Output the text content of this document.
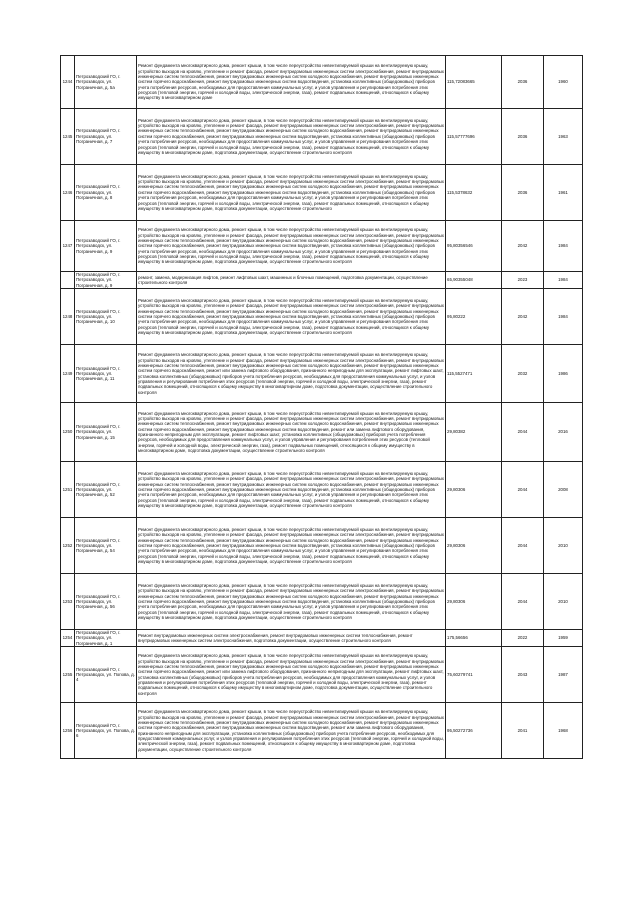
1244	Петрозаводский ГО, г. Петрозаводск, ул. Пограничная, д. 5а	Ремонт фундамента многоквартирного дома, ремонт крыши, в том числе переустройство невентилируемой крыши на вентилируемую крышу, устройство выходов на кровлю, утепление и ремонт фасада, ремонт внутридомовых инженерных систем электроснабжения, ремонт внутридомовых инженерных систем теплоснабжения, ремонт внутридомовых инженерных систем холодного водоснабжения, ремонт внутридомовых инженерных систем горячего водоснабжения, ремонт внутридомовых инженерных систем водоотведения, установка коллективных (общедомовых) приборов учета потребления ресурсов, необходимых для предоставления коммунальных услуг, и узлов управления и регулирования потребления этих ресурсов (тепловой энергии, горячей и холодной воды, электрической энергии, газа), ремонт подвальных помещений, относящихся к общему имуществу в многоквартирном доме	115,72083665	2036	1960

1245	Петрозаводский ГО, г. Петрозаводск, ул. Пограничная, д. 7	Ремонт фундамента многоквартирного дома, ремонт крыши, в том числе переустройство невентилируемой крыши на вентилируемую крышу, устройство выходов на кровлю, утепление и ремонт фасада, ремонт внутридомовых инженерных систем электроснабжения, ремонт внутридомовых инженерных систем теплоснабжения, ремонт внутридомовых инженерных систем холодного водоснабжения, ремонт внутридомовых инженерных систем горячего водоснабжения, ремонт внутридомовых инженерных систем водоотведения, установка коллективных (общедомовых) приборов учета потребления ресурсов, необходимых для предоставления коммунальных услуг, и узлов управления и регулирования потребления этих ресурсов (тепловой энергии, горячей и холодной воды, электрической энергии, газа), ремонт подвальных помещений, относящихся к общему имуществу в многоквартирном доме, подготовка документации, осуществление строительного контроля	115,57777696	2036	1963

1246	Петрозаводский ГО, г. Петрозаводск, ул. Пограничная, д. 8	Ремонт фундамента многоквартирного дома, ремонт крыши, в том числе переустройство невентилируемой крыши на вентилируемую крышу, устройство выходов на кровлю, утепление и ремонт фасада, ремонт внутридомовых инженерных систем электроснабжения, ремонт внутридомовых инженерных систем теплоснабжения, ремонт внутридомовых инженерных систем холодного водоснабжения, ремонт внутридомовых инженерных систем горячего водоснабжения, ремонт внутридомовых инженерных систем водоотведения, установка коллективных (общедомовых) приборов учета потребления ресурсов, необходимых для предоставления коммунальных услуг, и узлов управления и регулирования потребления этих ресурсов (тепловой энергии, горячей и холодной воды, электрической энергии, газа), ремонт подвальных помещений, относящихся к общему имуществу в многоквартирном доме, подготовка документации, осуществление строительного	115,5378632	2036	1961

1247	Петрозаводский ГО, г. Петрозаводск, ул. Пограничная, д. 9	Ремонт фундамента многоквартирного дома, ремонт крыши, в том числе переустройство невентилируемой крыши на вентилируемую крышу, устройство выходов на кровлю, утепление и ремонт фасада, ремонт внутридомовых инженерных систем электроснабжения, ремонт внутридомовых инженерных систем теплоснабжения, ремонт внутридомовых инженерных систем холодного водоснабжения, ремонт внутридомовых инженерных систем горячего водоснабжения, ремонт внутридомовых инженерных систем водоотведения, установка коллективных (общедомовых) приборов учета потребления ресурсов, необходимых для предоставления коммунальных услуг, и узлов управления и регулирования потребления этих ресурсов (тепловой энергии, горячей и холодной воды, электрической энергии, газа), ремонт подвальных помещений, относящихся к общему имуществу в многоквартирном доме, подготовка документации, осуществление строительного контроля	95,80356546	2042	1984

	Петрозаводский ГО, г. Петрозаводск, ул. Пограничная, д. 9	ремонт, замена, модернизация лифтов, ремонт лифтовых шахт, машинных и блочных помещений, подготовка документации, осуществление строительного контроля	65,90355048	2023	1984

1248	Петрозаводский ГО, г. Петрозаводск, ул. Пограничная, д. 10	Ремонт фундамента многоквартирного дома, ремонт крыши, в том числе переустройство невентилируемой крыши на вентилируемую крышу, устройство выходов на кровлю, утепление и ремонт фасада, ремонт внутридомовых инженерных систем электроснабжения, ремонт внутридомовых инженерных систем теплоснабжения, ремонт внутридомовых инженерных систем холодного водоснабжения, ремонт внутридомовых инженерных систем горячего водоснабжения, ремонт внутридомовых инженерных систем водоотведения, установка коллективных (общедомовых) приборов учета потребления ресурсов, необходимых для предоставления коммунальных услуг, и узлов управления и регулирования потребления этих ресурсов (тепловой энергии, горячей и холодной воды, электрической энергии, газа), ремонт подвальных помещений, относящихся к общему имуществу в многоквартирном доме, подготовка документации, осуществление строительного контроля	95,80222	2042	1984

1249	Петрозаводский ГО, г. Петрозаводск, ул. Пограничная, д. 11	Ремонт фундамента многоквартирного дома, ремонт крыши, в том числе переустройство невентилируемой крыши на вентилируемую крышу, устройство выходов на кровлю, утепление и ремонт фасада, ремонт внутридомовых инженерных систем электроснабжения, ремонт внутридомовых инженерных систем теплоснабжения, ремонт внутридомовых инженерных систем холодного водоснабжения, ремонт внутридомовых инженерных систем горячего водоснабжения, ремонт или замена лифтового оборудования, признанного непригодным для эксплуатации, ремонт лифтовых шахт, установка коллективных (общедомовых) приборов учета потребления ресурсов, необходимых для предоставления коммунальных услуг, и узлов управления и регулирования потребления этих ресурсов (тепловой энергии, горячей и холодной воды, электрической энергии, газа), ремонт подвальных помещений, относящихся к общему имуществу в многоквартирном доме, подготовка документации, осуществление строительного контроля	115,5527471	2032	1986

1250	Петрозаводский ГО, г. Петрозаводск, ул. Пограничная, д. 15	Ремонт фундамента многоквартирного дома, ремонт крыши, в том числе переустройство невентилируемой крыши на вентилируемую крышу, устройство выходов на кровлю, утепление и ремонт фасада, ремонт внутридомовых инженерных систем электроснабжения, ремонт внутридомовых инженерных систем теплоснабжения, ремонт внутридомовых инженерных систем холодного водоснабжения, ремонт внутридомовых инженерных систем горячего водоснабжения, ремонт внутридомовых инженерных систем водоотведения, ремонт или замена лифтового оборудования, признанного непригодным для эксплуатации, ремонт лифтовых шахт, установка коллективных (общедомовых) приборов учета потребления ресурсов, необходимых для предоставления коммунальных услуг, и узлов управления и регулирования потребления этих ресурсов (тепловой энергии, горячей и холодной воды, электрической энергии, газа), ремонт подвальных помещений, относящихся к общему имуществу в многоквартирном доме, подготовка документации, осуществление строительного контроля	29,80382	2044	2016

1251	Петрозаводский ГО, г. Петрозаводск, ул. Пограничная, д. 52	Ремонт фундамента многоквартирного дома, ремонт крыши, в том числе переустройство невентилируемой крыши на вентилируемую крышу, устройство выходов на кровлю, утепление и ремонт фасада, ремонт внутридомовых инженерных систем электроснабжения, ремонт внутридомовых инженерных систем теплоснабжения, ремонт внутридомовых инженерных систем холодного водоснабжения, ремонт внутридомовых инженерных систем горячего водоснабжения, ремонт внутридомовых инженерных систем водоотведения, установка коллективных (общедомовых) приборов учета потребления ресурсов, необходимых для предоставления коммунальных услуг, и узлов управления и регулирования потребления этих ресурсов (тепловой энергии, горячей и холодной воды, электрической энергии, газа), ремонт подвальных помещений, относящихся к общему имуществу в многоквартирном доме, подготовка документации, осуществление строительного контроля	29,80306	2044	2008

1252	Петрозаводский ГО, г. Петрозаводск, ул. Пограничная, д. 54	Ремонт фундамента многоквартирного дома, ремонт крыши, в том числе переустройство невентилируемой крыши на вентилируемую крышу, устройство выходов на кровлю, утепление и ремонт фасада, ремонт внутридомовых инженерных систем электроснабжения, ремонт внутридомовых инженерных систем теплоснабжения, ремонт внутридомовых инженерных систем холодного водоснабжения, ремонт внутридомовых инженерных систем горячего водоснабжения, ремонт внутридомовых инженерных систем водоотведения, установка коллективных (общедомовых) приборов учета потребления ресурсов, необходимых для предоставления коммунальных услуг, и узлов управления и регулирования потребления этих ресурсов (тепловой энергии, горячей и холодной воды, электрической энергии, газа), ремонт подвальных помещений, относящихся к общему имуществу в многоквартирном доме, подготовка документации, осуществление строительного контроля	29,80306	2044	2010

1253	Петрозаводский ГО, г. Петрозаводск, ул. Пограничная, д. 56	Ремонт фундамента многоквартирного дома, ремонт крыши, в том числе переустройство невентилируемой крыши на вентилируемую крышу, устройство выходов на кровлю, утепление и ремонт фасада, ремонт внутридомовых инженерных систем электроснабжения, ремонт внутридомовых инженерных систем теплоснабжения, ремонт внутридомовых инженерных систем холодного водоснабжения, ремонт внутридомовых инженерных систем горячего водоснабжения, ремонт внутридомовых инженерных систем водоотведения, установка коллективных (общедомовых) приборов учета потребления ресурсов, необходимых для предоставления коммунальных услуг, и узлов управления и регулирования потребления этих ресурсов (тепловой энергии, горячей и холодной воды, электрической энергии, газа), ремонт подвальных помещений, относящихся к общему имуществу в многоквартирном доме, подготовка документации, осуществление строительного контроля	29,80306	2044	2010

1254	Петрозаводский ГО, г. Петрозаводск, ул. Пограничная, д. 1	Ремонт внутридомовых инженерных систем электроснабжения, ремонт внутридомовых инженерных систем теплоснабжения, ремонт внутридомовых инженерных систем электроснабжения, подготовка документации, осуществление строительного контроля	175,56656	2022	1959

1255	Петрозаводский ГО, г. Петрозаводск, ул. Попова, д. 4	Ремонт фундамента многоквартирного дома, ремонт крыши, в том числе переустройство невентилируемой крыши на вентилируемую крышу, устройство выходов на кровлю, утепление и ремонт фасада, ремонт внутридомовых инженерных систем электроснабжения, ремонт внутридомовых инженерных систем теплоснабжения, ремонт внутридомовых инженерных систем холодного водоснабжения, ремонт внутридомовых инженерных систем горячего водоснабжения, ремонт или замена лифтового оборудования, признанного непригодным для эксплуатации, ремонт лифтовых шахт, установка коллективных (общедомовых) приборов учета потребления ресурсов, необходимых для предоставления коммунальных услуг, и узлов управления и регулирования потребления этих ресурсов (тепловой энергии, горячей и холодной воды, электрической энергии, газа), ремонт подвальных помещений, относящихся к общему имуществу в многоквартирном доме, подготовка документации, осуществление строительного контроля	75,60279741	2043	1987

1256	Петрозаводский ГО, г. Петрозаводск, ул. Попова, д. 6	Ремонт фундамента многоквартирного дома, ремонт крыши, в том числе переустройство невентилируемой крыши на вентилируемую крышу, устройство выходов на кровлю, утепление и ремонт фасада, ремонт внутридомовых инженерных систем электроснабжения, ремонт внутридомовых инженерных систем теплоснабжения, ремонт внутридомовых инженерных систем холодного водоснабжения, ремонт внутридомовых инженерных систем горячего водоснабжения, ремонт внутридомовых инженерных систем водоотведения, ремонт или замена лифтового оборудования, признанного непригодным для эксплуатации, установка коллективных (общедомовых) приборов учета потребления ресурсов, необходимых для предоставления коммунальных услуг, и узлов управления и регулирования потребления этих ресурсов (тепловой энергии, горячей и холодной воды, электрической энергии, газа), ремонт подвальных помещений, относящихся к общему имуществу в многоквартирном доме, подготовка документации, осуществление строительного контроля	95,50272736	2041	1968
